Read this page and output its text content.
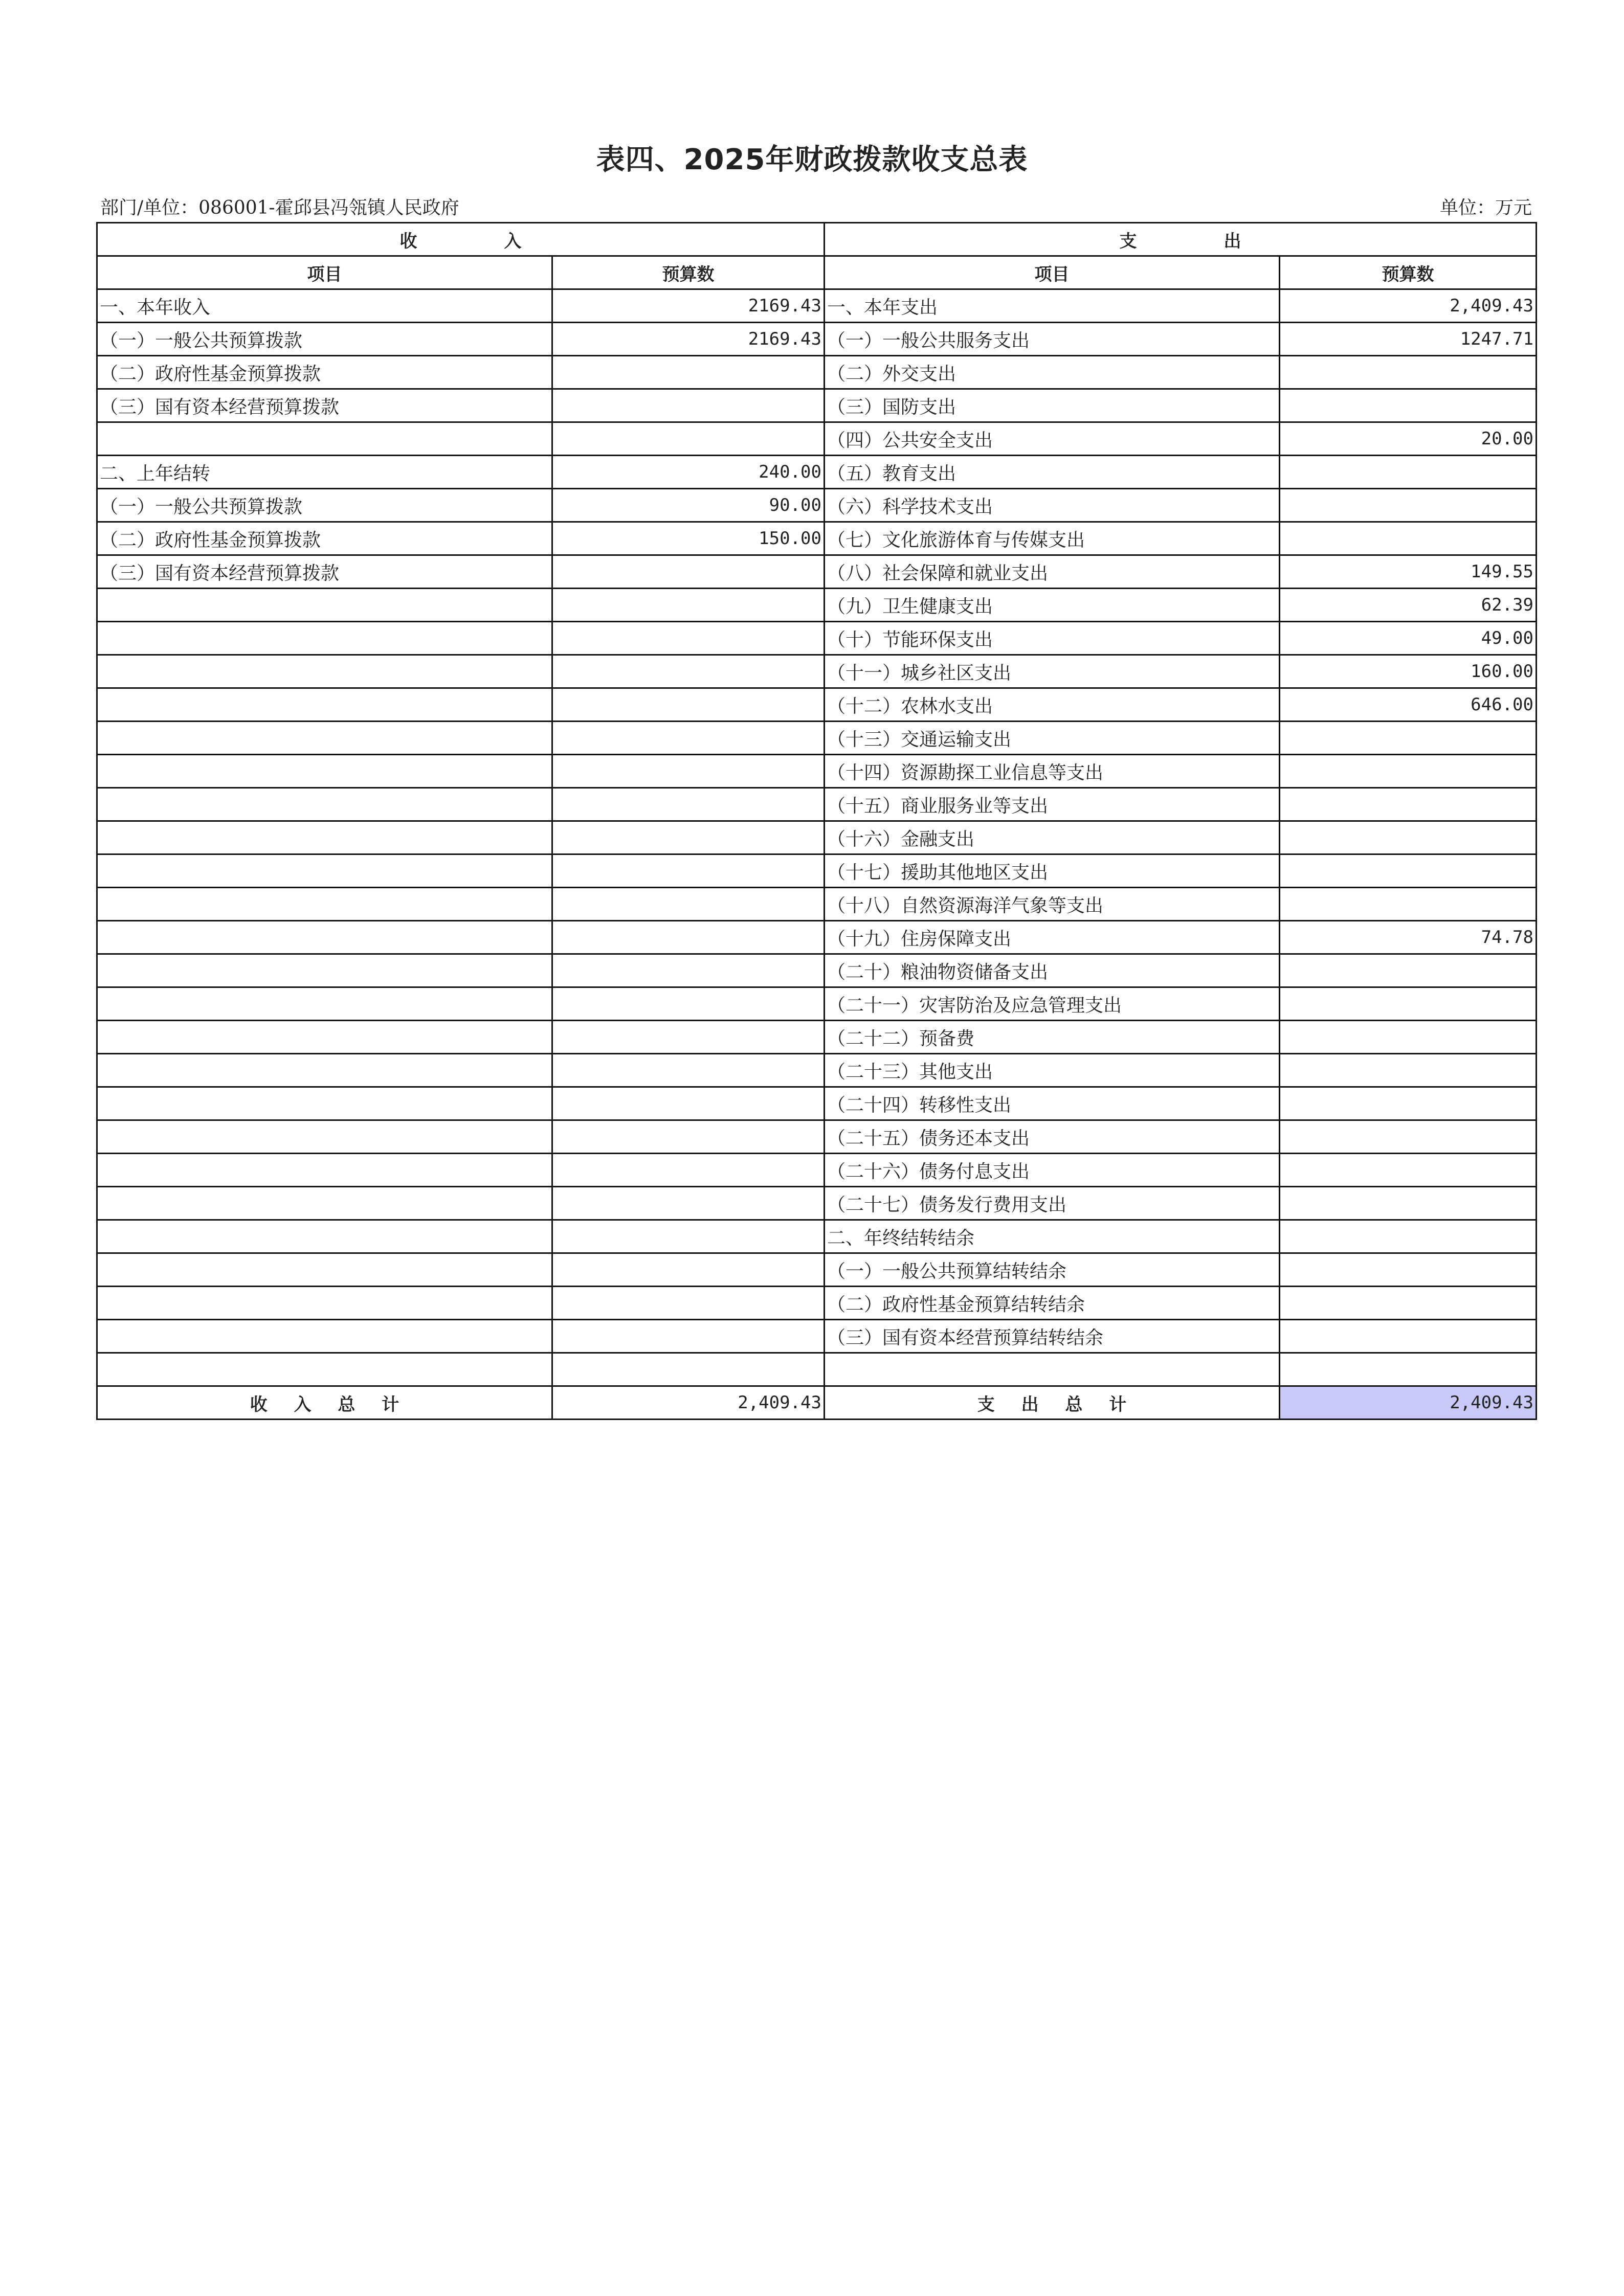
表四、2025年财政拨款收支总表
部门/单位：086001-霍邱县冯瓴镇人民政府	单位：万元
收　　　　　入		支　　　　　出	
项目	预算数	项目	预算数
一、本年收入	2169.43	一、本年支出	2,409.43
（一）一般公共预算拨款	2169.43	（一）一般公共服务支出	1247.71
（二）政府性基金预算拨款		（二）外交支出	
（三）国有资本经营预算拨款		（三）国防支出	
		（四）公共安全支出	20.00
二、上年结转	240.00	（五）教育支出	
（一）一般公共预算拨款	90.00	（六）科学技术支出	
（二）政府性基金预算拨款	150.00	（七）文化旅游体育与传媒支出	
（三）国有资本经营预算拨款		（八）社会保障和就业支出	149.55
		（九）卫生健康支出	62.39
		（十）节能环保支出	49.00
		（十一）城乡社区支出	160.00
		（十二）农林水支出	646.00
		（十三）交通运输支出	
		（十四）资源勘探工业信息等支出	
		（十五）商业服务业等支出	
		（十六）金融支出	
		（十七）援助其他地区支出	
		（十八）自然资源海洋气象等支出	
		（十九）住房保障支出	74.78
		（二十）粮油物资储备支出	
		（二十一）灾害防治及应急管理支出	
		（二十二）预备费	
		（二十三）其他支出	
		（二十四）转移性支出	
		（二十五）债务还本支出	
		（二十六）债务付息支出	
		（二十七）债务发行费用支出	
		二、年终结转结余	
		（一）一般公共预算结转结余	
		（二）政府性基金预算结转结余	
		（三）国有资本经营预算结转结余	

收 入 总 计	2,409.43	支 出 总 计	2,409.43
